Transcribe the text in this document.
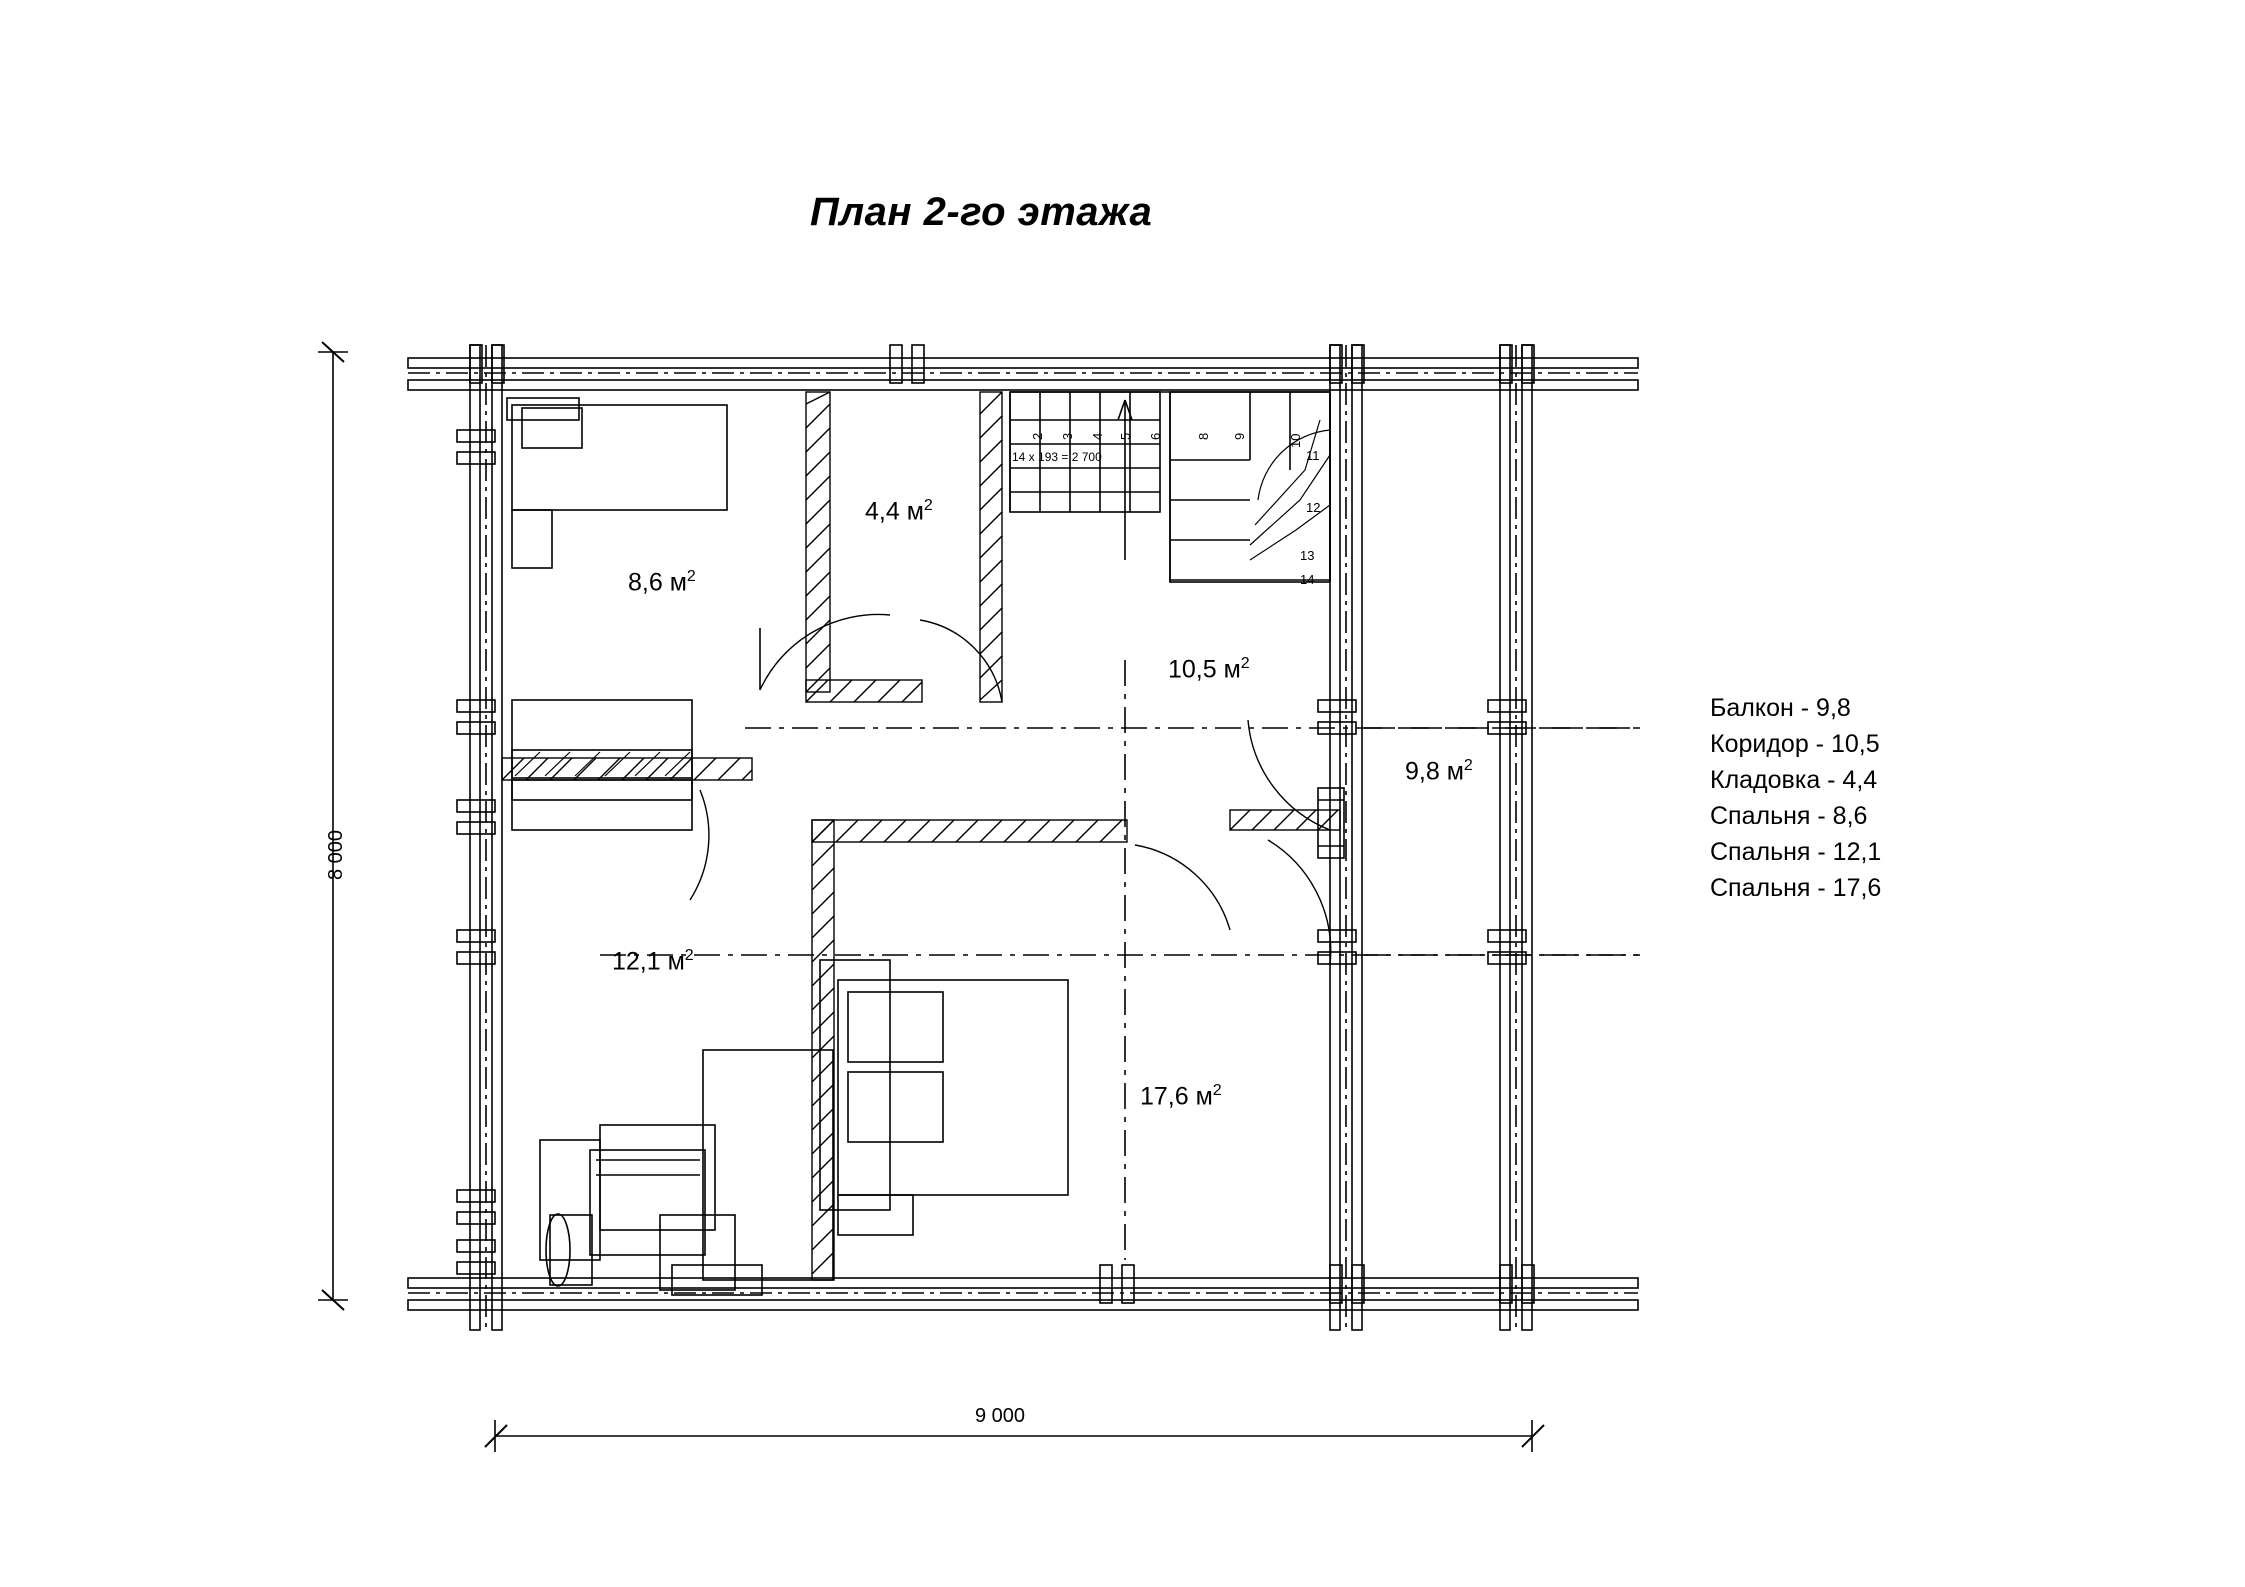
План 2-го этажа
8,6 $м^2$
4,4 $м^2$
10,5 $м^2$
9,8 $м^2$
12,1 $м^2$
17,6 $м^2$
8 000
9 000
14 x 193 = 2 700
2 3 4 5 6	8 9	10
11
12
13
14
Балкон - 9,8
Коридор - 10,5
Кладовка - 4,4
Спальня - 8,6
Спальня - 12,1
Спальня - 17,6
